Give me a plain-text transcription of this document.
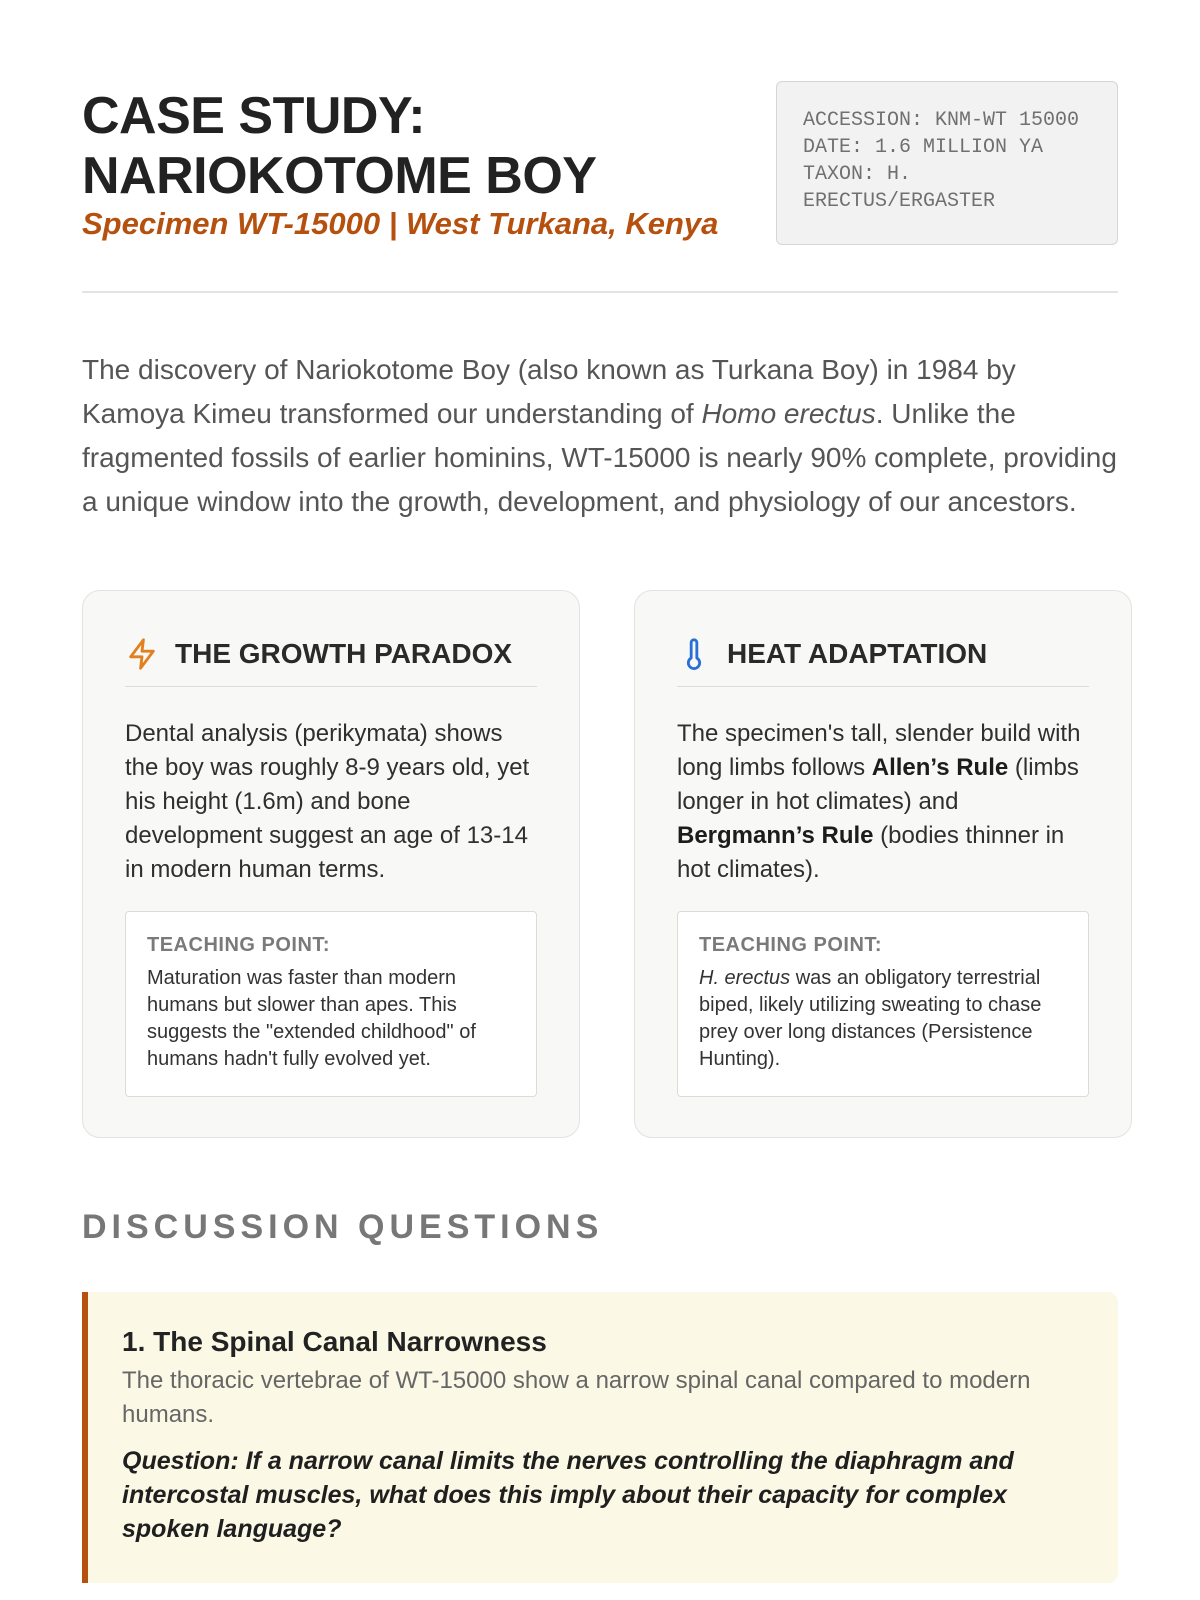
CASE STUDY: NARIOKOTOME BOY
Specimen WT-15000 | West Turkana, Kenya
ACCESSION: KNM-WT 15000
DATE: 1.6 MILLION YA
TAXON: H. ERECTUS/ERGASTER

The discovery of Nariokotome Boy (also known as Turkana Boy) in 1984 by Kamoya Kimeu transformed our understanding of Homo erectus. Unlike the fragmented fossils of earlier hominins, WT-15000 is nearly 90% complete, providing a unique window into the growth, development, and physiology of our ancestors.

THE GROWTH PARADOX
Dental analysis (perikymata) shows the boy was roughly 8-9 years old, yet his height (1.6m) and bone development suggest an age of 13-14 in modern human terms.
TEACHING POINT:
Maturation was faster than modern humans but slower than apes. This suggests the "extended childhood" of humans hadn't fully evolved yet.
HEAT ADAPTATION
The specimen's tall, slender build with long limbs follows Allen’s Rule (limbs longer in hot climates) and Bergmann’s Rule (bodies thinner in hot climates).
TEACHING POINT:
H. erectus was an obligatory terrestrial biped, likely utilizing sweating to chase prey over long distances (Persistence Hunting).
DISCUSSION QUESTIONS
1. The Spinal Canal Narrowness
The thoracic vertebrae of WT-15000 show a narrow spinal canal compared to modern humans.
Question: If a narrow canal limits the nerves controlling the diaphragm and intercostal muscles, what does this imply about their capacity for complex spoken language?
